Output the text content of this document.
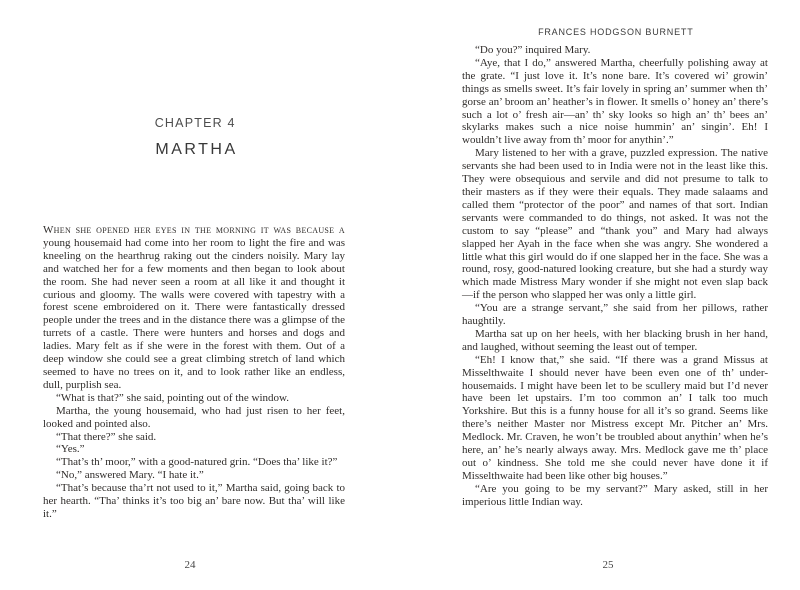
CHAPTER 4
MARTHA

When she opened her eyes in the morning it was because a young housemaid had come into her room to light the fire and was kneeling on the hearthrug raking out the cinders noisily. Mary lay and watched her for a few moments and then began to look about the room. She had never seen a room at all like it and thought it curious and gloomy. The walls were covered with tapestry with a forest scene embroidered on it. There were fantastically dressed people under the trees and in the distance there was a glimpse of the turrets of a castle. There were hunters and horses and dogs and ladies. Mary felt as if she were in the forest with them. Out of a deep window she could see a great climbing stretch of land which seemed to have no trees on it, and to look rather like an endless, dull, purplish sea.

“What is that?” she said, pointing out of the window.

Martha, the young housemaid, who had just risen to her feet, looked and pointed also.

“That there?” she said.

“Yes.”

“That’s th’ moor,” with a good-natured grin. “Does tha’ like it?”

“No,” answered Mary. “I hate it.”

“That’s because tha’rt not used to it,” Martha said, going back to her hearth. “Tha’ thinks it’s too big an’ bare now. But tha’ will like it.”

24
FRANCES HODGSON BURNETT

“Do you?” inquired Mary.

“Aye, that I do,” answered Martha, cheerfully polishing away at the grate. “I just love it. It’s none bare. It’s covered wi’ growin’ things as smells sweet. It’s fair lovely in spring an’ summer when th’ gorse an’ broom an’ heather’s in flower. It smells o’ honey an’ there’s such a lot o’ fresh air—an’ th’ sky looks so high an’ th’ bees an’ skylarks makes such a nice noise hummin’ an’ singin’. Eh! I wouldn’t live away from th’ moor for anythin’.”

Mary listened to her with a grave, puzzled expression. The native servants she had been used to in India were not in the least like this. They were obsequious and servile and did not presume to talk to their masters as if they were their equals. They made salaams and called them “protector of the poor” and names of that sort. Indian servants were commanded to do things, not asked. It was not the custom to say “please” and “thank you” and Mary had always slapped her Ayah in the face when she was angry. She wondered a little what this girl would do if one slapped her in the face. She was a round, rosy, good-natured looking creature, but she had a sturdy way which made Mistress Mary wonder if she might not even slap back—if the person who slapped her was only a little girl.

“You are a strange servant,” she said from her pillows, rather haughtily.

Martha sat up on her heels, with her blacking brush in her hand, and laughed, without seeming the least out of temper.

“Eh! I know that,” she said. “If there was a grand Missus at Misselthwaite I should never have been even one of th’ under-housemaids. I might have been let to be scullery maid but I’d never have been let upstairs. I’m too common an’ I talk too much Yorkshire. But this is a funny house for all it’s so grand. Seems like there’s neither Master nor Mistress except Mr. Pitcher an’ Mrs. Medlock. Mr. Craven, he won’t be troubled about anythin’ when he’s here, an’ he’s nearly always away. Mrs. Medlock gave me th’ place out o’ kindness. She told me she could never have done it if Misselthwaite had been like other big houses.”

“Are you going to be my servant?” Mary asked, still in her imperious little Indian way.

25
